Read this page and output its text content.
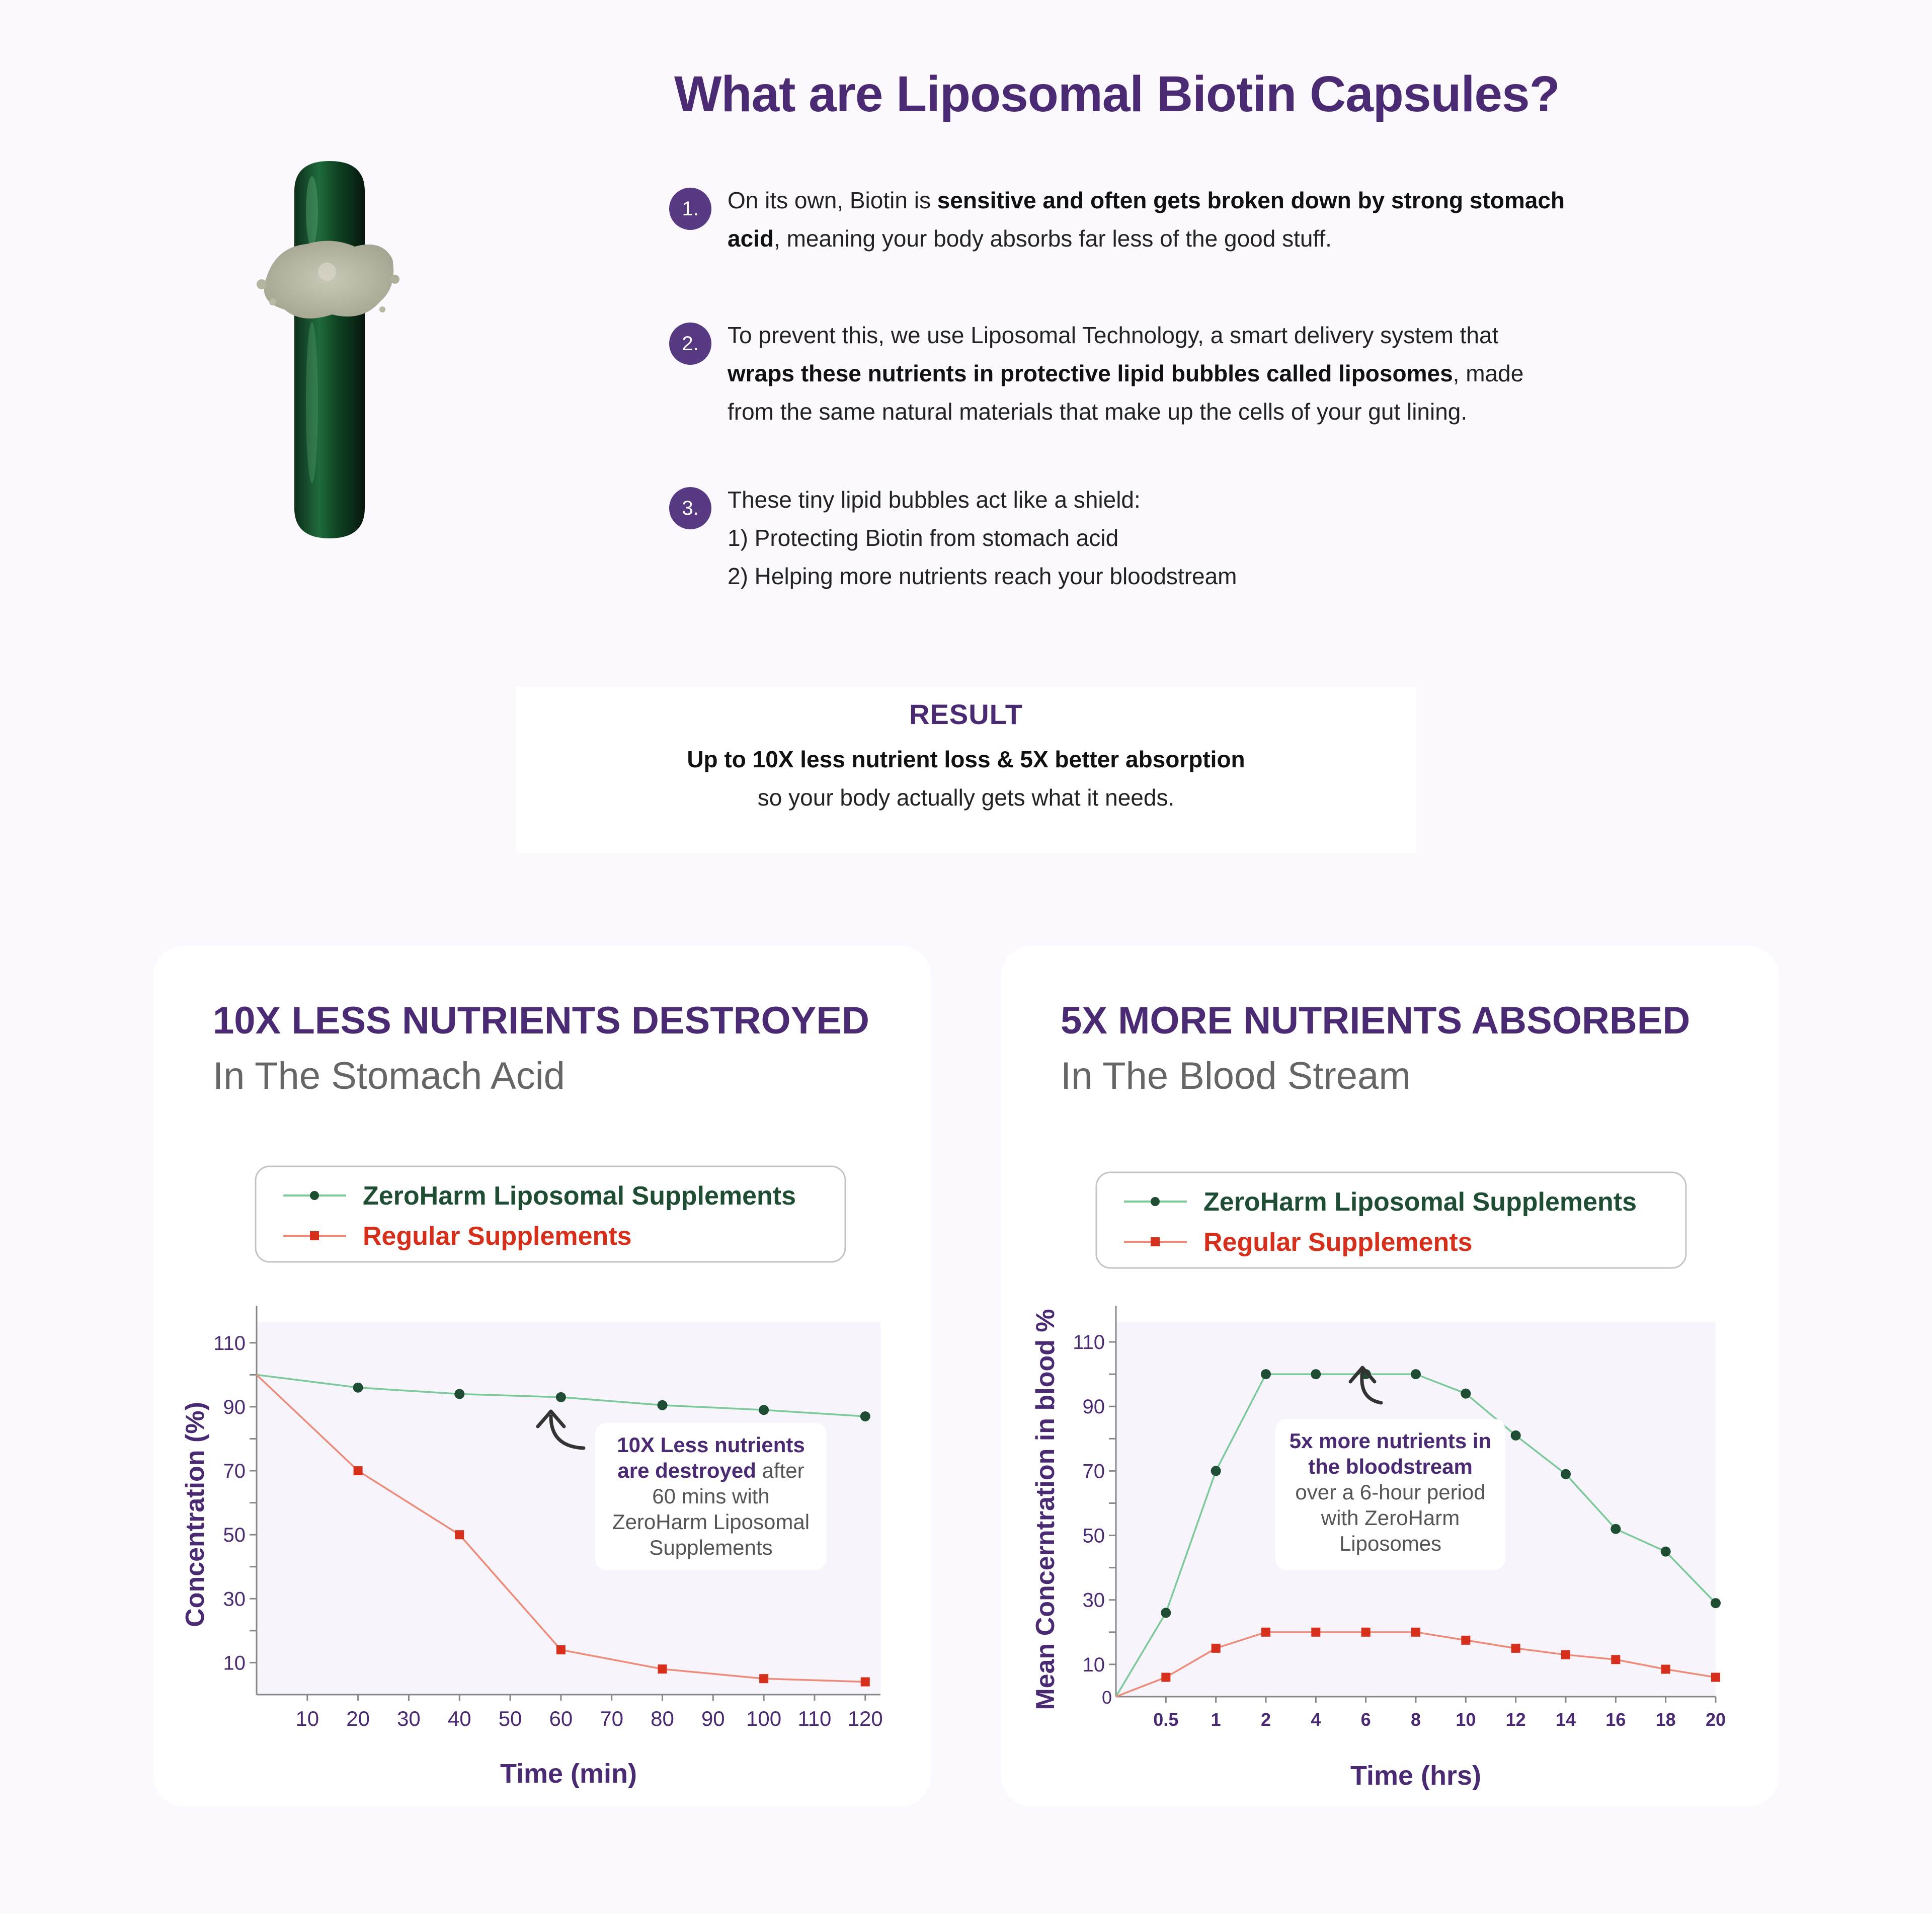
What are Liposomal Biotin Capsules?
1.	On its own, Biotin is sensitive and often gets broken down by strong stomach
acid, meaning your body absorbs far less of the good stuff.
2.	To prevent this, we use Liposomal Technology, a smart delivery system that
wraps these nutrients in protective lipid bubbles called liposomes, made
from the same natural materials that make up the cells of your gut lining.
3.	These tiny lipid bubbles act like a shield:
1) Protecting Biotin from stomach acid
2) Helping more nutrients reach your bloodstream
RESULT
Up to 10X less nutrient loss & 5X better absorption
so your body actually gets what it needs.
10X LESS NUTRIENTS DESTROYED
In The Stomach Acid
ZeroHarm Liposomal Supplements
Regular Supplements
10
30
50
70
90
110
10 20 30 40 50 60 70 80 90 100 110 120
Time (min)
Concentration (%)	10X Less nutrients
are destroyed after
60 mins with
ZeroHarm Liposomal
Supplements
5X MORE NUTRIENTS ABSORBED
In The Blood Stream
ZeroHarm Liposomal Supplements
Regular Supplements
10
30
50
70
90
110
0
0.5 1 2 4 6 8 10 12 14 16 18 20
Time (hrs)
Mean Concerntration in blood %	5x more nutrients in
the bloodstream
over a 6-hour period
with ZeroHarm
Liposomes
